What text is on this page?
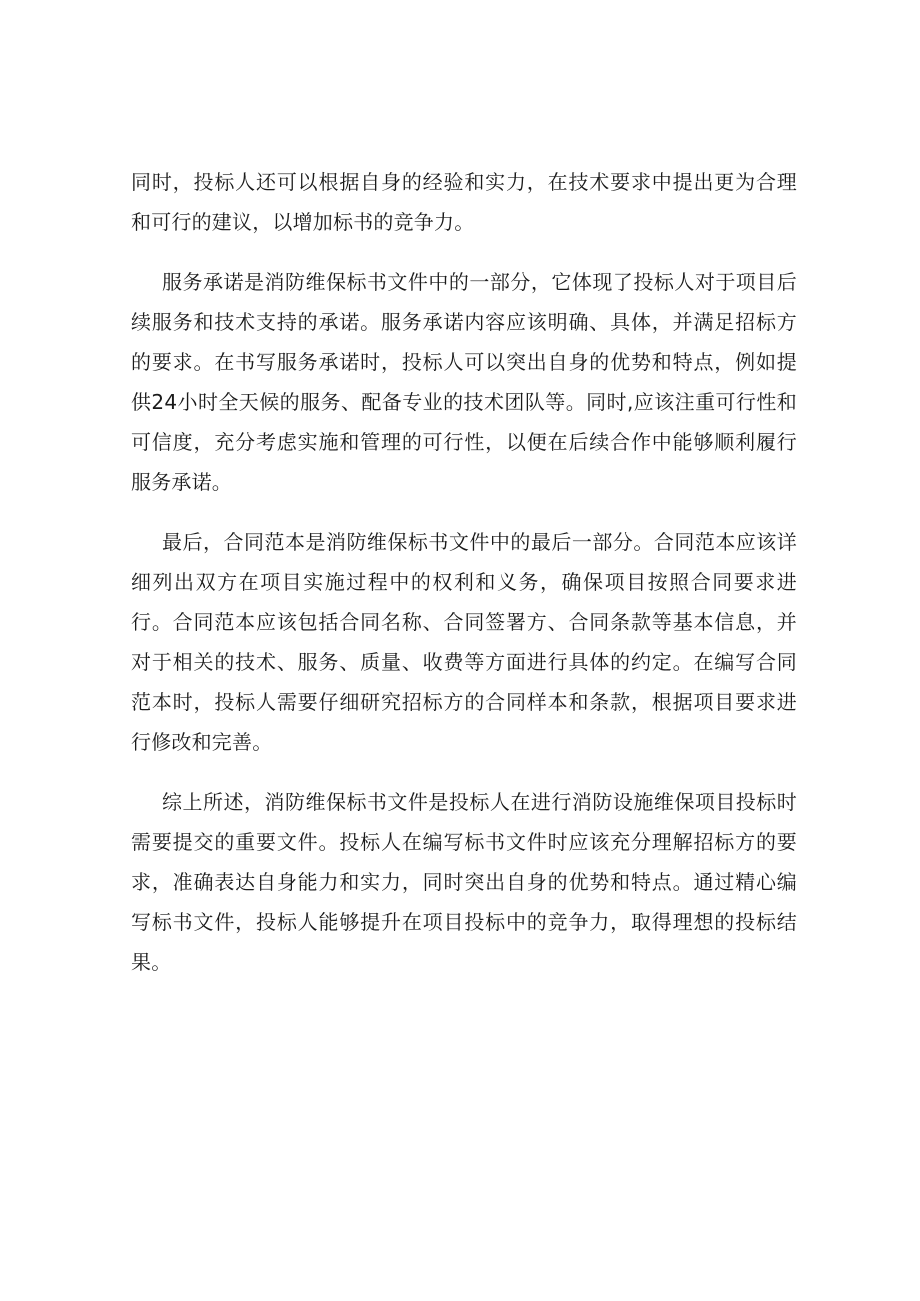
同时，投标人还可以根据自身的经验和实力，在技术要求中提出更为合理和可行的建议，以增加标书的竞争力。

服务承诺是消防维保标书文件中的一部分，它体现了投标人对于项目后续服务和技术支持的承诺。服务承诺内容应该明确、具体，并满足招标方的要求。在书写服务承诺时，投标人可以突出自身的优势和特点，例如提供24小时全天候的服务、配备专业的技术团队等。同时,应该注重可行性和可信度，充分考虑实施和管理的可行性，以便在后续合作中能够顺利履行服务承诺。

最后，合同范本是消防维保标书文件中的最后一部分。合同范本应该详细列出双方在项目实施过程中的权利和义务，确保项目按照合同要求进行。合同范本应该包括合同名称、合同签署方、合同条款等基本信息，并对于相关的技术、服务、质量、收费等方面进行具体的约定。在编写合同范本时，投标人需要仔细研究招标方的合同样本和条款，根据项目要求进行修改和完善。

综上所述，消防维保标书文件是投标人在进行消防设施维保项目投标时需要提交的重要文件。投标人在编写标书文件时应该充分理解招标方的要求，准确表达自身能力和实力，同时突出自身的优势和特点。通过精心编写标书文件，投标人能够提升在项目投标中的竞争力，取得理想的投标结果。
